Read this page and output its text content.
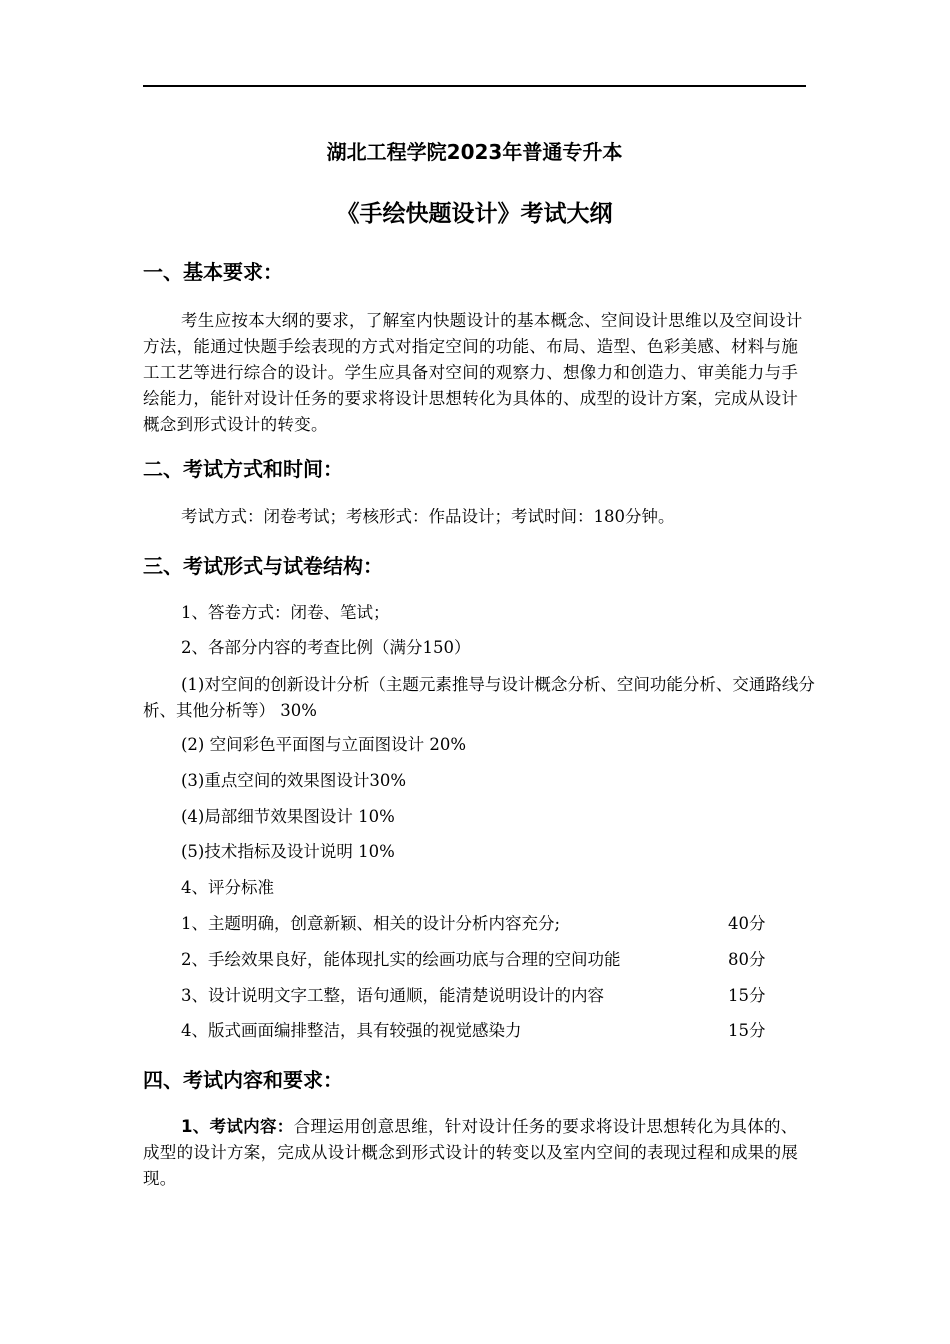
湖北工程学院2023年普通专升本
《手绘快题设计》考试大纲
一、基本要求：
考生应按本大纲的要求，了解室内快题设计的基本概念、空间设计思维以及空间设计方法，能通过快题手绘表现的方式对指定空间的功能、布局、造型、色彩美感、材料与施工工艺等进行综合的设计。学生应具备对空间的观察力、想像力和创造力、审美能力与手绘能力，能针对设计任务的要求将设计思想转化为具体的、成型的设计方案，完成从设计概念到形式设计的转变。
二、考试方式和时间：
考试方式：闭卷考试；考核形式：作品设计；考试时间：180分钟。
三、考试形式与试卷结构：
1、答卷方式：闭卷、笔试；
2、各部分内容的考查比例（满分150）
(1)对空间的创新设计分析（主题元素推导与设计概念分析、空间功能分析、交通路线分析、其他分析等） 30%
(2) 空间彩色平面图与立面图设计 20%
(3)重点空间的效果图设计30%
(4)局部细节效果图设计 10%
(5)技术指标及设计说明 10%
4、评分标准
1、主题明确，创意新颖、相关的设计分析内容充分;	40分
2、手绘效果良好，能体现扎实的绘画功底与合理的空间功能	80分
3、设计说明文字工整，语句通顺，能清楚说明设计的内容	15分
4、版式画面编排整洁，具有较强的视觉感染力	15分
四、考试内容和要求：
1、考试内容：合理运用创意思维，针对设计任务的要求将设计思想转化为具体的、成型的设计方案，完成从设计概念到形式设计的转变以及室内空间的表现过程和成果的展现。
